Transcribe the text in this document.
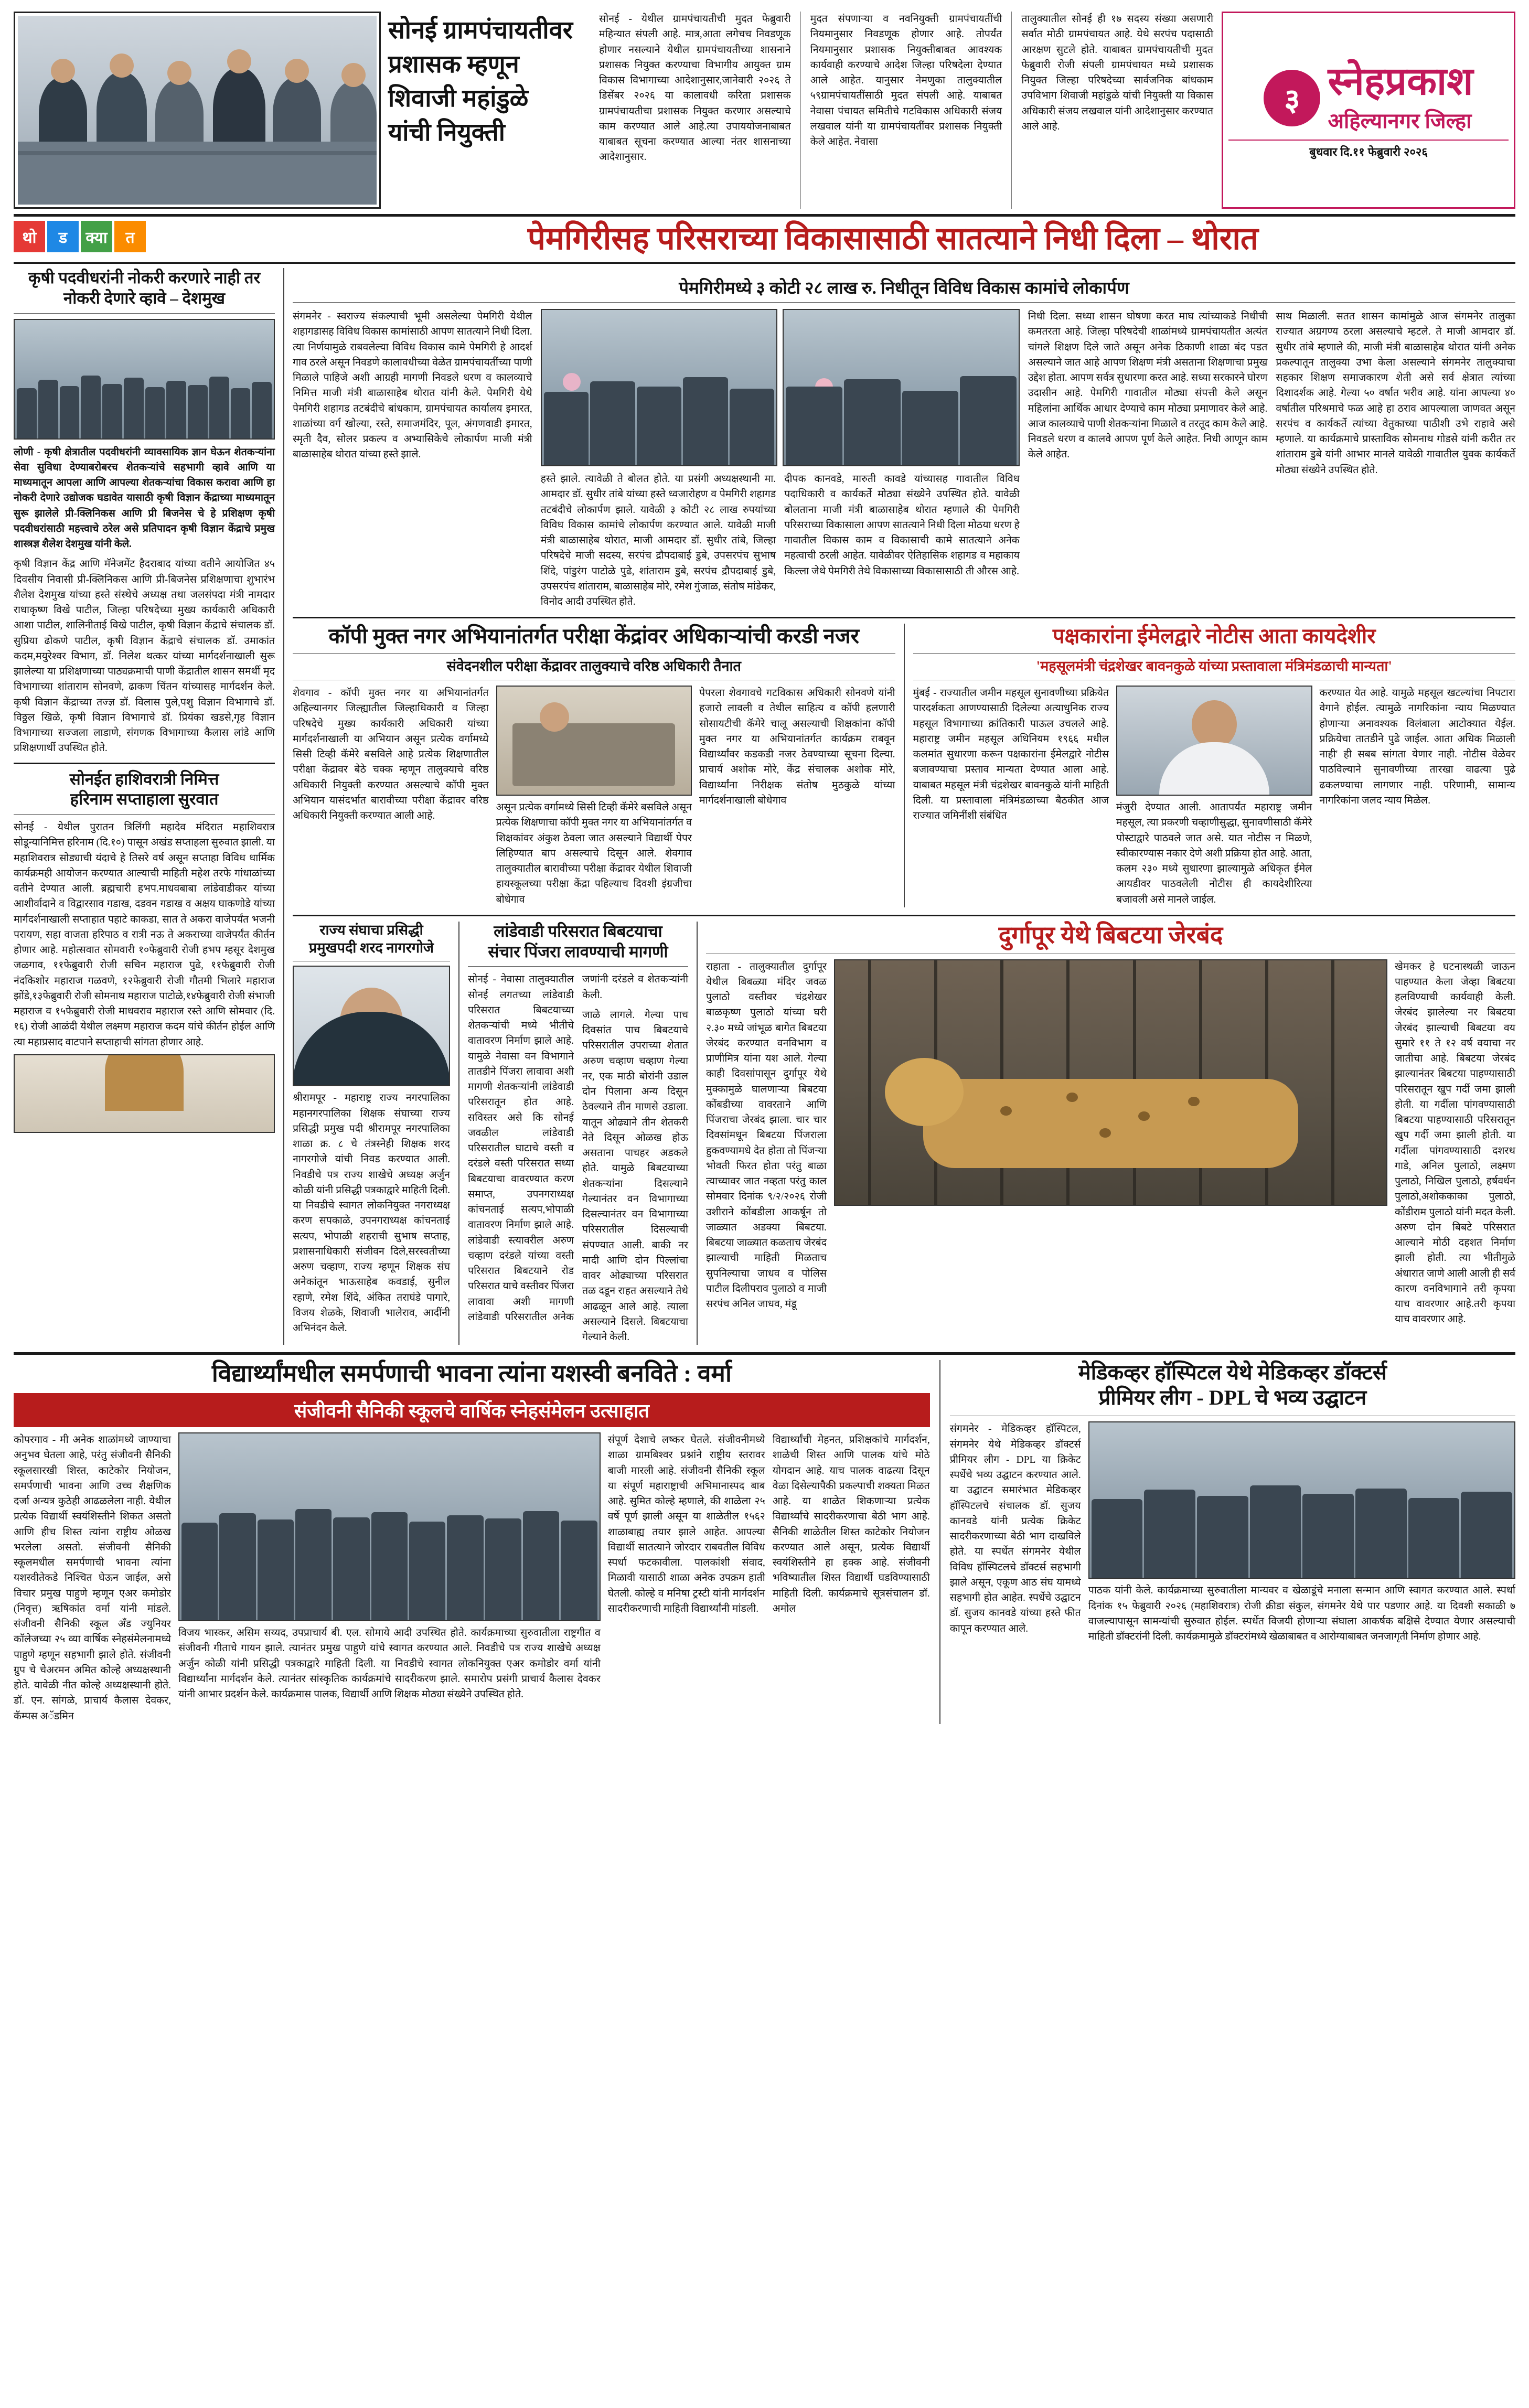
सोनई ग्रामपंचायतीवर प्रशासक म्हणून शिवाजी महांडुळे यांची नियुक्ती
सोनई - येथील ग्रामपंचायतीची मुदत फेब्रुवारी महिन्यात संपली आहे. मात्र,आता लगेचच निवडणूक होणार नसल्याने येथील ग्रामपंचायतीच्या शासनाने प्रशासक नियुक्त करण्याचा विभागीय आयुक्त ग्राम विकास विभागाच्या आदेशानुसार,जानेवारी २०२६ ते डिसेंबर २०२६ या कालावधी करिता प्रशासक ग्रामपंचायतीचा प्रशासक नियुक्त करणार असल्याचे काम करण्यात आले आहे.त्या उपाययोजनाबाबत याबाबत सूचना करण्यात आल्या नंतर शासनाच्या आदेशानुसार.
मुदत संपणाऱ्या व नवनियुक्ती ग्रामपंचायतींची नियमानुसार निवडणूक होणार आहे. तोपर्यंत नियमानुसार प्रशासक नियुक्तीबाबत आवश्यक कार्यवाही करण्याचे आदेश जिल्हा परिषदेला देण्यात आले आहेत. यानुसार नेमणुका तालुक्यातील ५९ग्रामपंचायतींसाठी मुदत संपली आहे. याबाबत नेवासा पंचायत समितीचे गटविकास अधिकारी संजय लखवाल यांनी या ग्रामपंचायतींवर प्रशासक नियुक्ती केले आहेत. नेवासा
तालुक्यातील सोनई ही १७ सदस्य संख्या असणारी सर्वात मोठी ग्रामपंचायत आहे. येथे सरपंच पदासाठी आरक्षण सुटले होते. याबाबत ग्रामपंचायतीची मुदत फेब्रुवारी रोजी संपली ग्रामपंचायत मध्ये प्रशासक नियुक्त जिल्हा परिषदेच्या सार्वजनिक बांधकाम उपविभाग शिवाजी महांडुळे यांची नियुक्ती या विकास अधिकारी संजय लखवाल यांनी आदेशानुसार करण्यात आले आहे.
३ स्नेहप्रकाश
अहिल्यानगर जिल्हा
बुधवार दि.११ फेब्रुवारी २०२६
थो	ड	क्या	त	पेमगिरीसह परिसराच्या विकासासाठी सातत्याने निधी दिला – थोरात
कृषी पदवीधरांनी नोकरी करणारे नाही तर नोकरी देणारे व्हावे – देशमुख

लोणी - कृषी क्षेत्रातील पदवीधरांनी व्यावसायिक ज्ञान घेऊन शेतकऱ्यांना सेवा सुविधा देण्याबरोबरच शेतकऱ्यांचे सहभागी व्हावे आणि या माध्यमातून आपला आणि आपल्या शेतकऱ्यांचा विकास करावा आणि हा नोकरी देणारे उद्योजक घडावेत यासाठी कृषी विज्ञान केंद्राच्या माध्यमातून सुरू झालेले प्री-क्लिनिकस आणि प्री बिजनेस चे हे प्रशिक्षण कृषी पदवीधरांसाठी महत्त्वाचे ठरेल असे प्रतिपादन कृषी विज्ञान केंद्राचे प्रमुख शास्त्रज्ञ शैलेश देशमुख यांनी केले.

कृषी विज्ञान केंद्र आणि मॅनेजमेंट हैदराबाद यांच्या वतीने आयोजित ४५ दिवसीय निवासी प्री-क्लिनिकस आणि प्री-बिजनेस प्रशिक्षणाचा शुभारंभ शैलेश देशमुख यांच्या हस्ते संस्थेचे अध्यक्ष तथा जलसंपदा मंत्री नामदार राधाकृष्ण विखे पाटील, जिल्हा परिषदेच्या मुख्य कार्यकारी अधिकारी आशा पाटील, शालिनीताई विखे पाटील, कृषी विज्ञान केंद्राचे संचालक डॉ. सुप्रिया ढोकणे पाटील, कृषी विज्ञान केंद्राचे संचालक डॉ. उमाकांत कदम,मयुरेश्वर विभाग, डॉ. निलेश थत्कर यांच्या मार्गदर्शनाखाली सुरू झालेल्या या प्रशिक्षणाच्या पाठ्यक्रमाची पाणी केंद्रातील शासन समर्थी मृद विभागाच्या शांताराम सोनवणे, ढाकण चिंतन यांच्यासह मार्गदर्शन केले. कृषी विज्ञान केंद्राच्या तज्ज्ञ डॉ. विलास पुले,पशु विज्ञान विभागाचे डॉ. विठ्ठल खिळे, कृषी विज्ञान विभागाचे डॉ. प्रियंका खडसे,गृह विज्ञान विभागाच्या सज्जला लाडाणे, संगणक विभागाच्या कैलास लांडे आणि प्रशिक्षणार्थी उपस्थित होते.

सोनईत हाशिवरात्री निमित्त
हरिनाम सप्ताहाला सुरवात
सोनई - येथील पुरातन त्रिलिंगी महादेव मंदिरात महाशिवरात्र सोडून्यानिमित्त हरिनाम (दि.१०) पासून अखंड सप्ताहला सुरुवात झाली. या महाशिवरात्र सोड्याची यंदाचे हे तिसरे वर्ष असून सप्ताहा विविध धार्मिक कार्यक्रमही आयोजन करण्यात आल्याची माहिती महेश तरफे गांधाळांच्या वतीने देण्यात आली. ब्रह्मचारी हभप.माधवबाबा लांडेवाडीकर यांच्या आशीर्वादाने व विद्वारसाव गडाख, दडवन गडाख व अक्षय घाकणोडे यांच्या मार्गदर्शनाखाली सप्ताहात पहाटे काकडा, सात ते अकरा वाजेपर्यंत भजनी परायण, सहा वाजता हरिपाठ व रात्री नऊ ते अकराच्या वाजेपर्यंत कीर्तन होणार आहे. महोत्सवात सोमवारी १०फेब्रुवारी रोजी हभप म्हसूर देशमुख जळगाव, ११फेब्रुवारी रोजी सचिन महाराज पुढे, ११फेब्रुवारी रोजी नंदकिशोर महाराज गळवणे, १२फेब्रुवारी रोजी गौतमी भिलारे महाराज झोंडे,१३फेब्रुवारी रोजी सोमनाथ महाराज पाटोळे,१४फेब्रुवारी रोजी संभाजी महाराज व १५फेब्रुवारी रोजी माधवराव महाराज रस्ते आणि सोमवार (दि. १६) रोजी आळंदी येथील लक्ष्मण महाराज कदम यांचे कीर्तन होईल आणि त्या महाप्रसाद वाटपाने सप्ताहाची सांगता होणार आहे.
पेमगिरीमध्ये ३ कोटी २८ लाख रु. निधीतून विविध विकास कामांचे लोकार्पण
संगमनेर - स्वराज्य संकल्पाची भूमी असलेल्या पेमगिरी येथील शहागडासह विविध विकास कामांसाठी आपण सातत्याने निधी दिला. त्या निर्णयामुळे राबवलेल्या विविध विकास कामे पेमगिरी हे आदर्श गाव ठरले असून निवडणे कालावधीच्या वेळेत ग्रामपंचायतींच्या पाणी मिळाले पाहिजे अशी आग्रही मागणी निवडले धरण व कालव्याचे निमित्त माजी मंत्री बाळासाहेब थोरात यांनी केले. पेमगिरी येथे पेमगिरी शहागड तटबंदीचे बांधकाम, ग्रामपंचायत कार्यालय इमारत, शाळांच्या वर्ग खोल्या, रस्ते, समाजमंदिर, पूल, अंगणवाडी इमारत, स्मृती दैव, सोलर प्रकल्प व अभ्यासिकेचे लोकार्पण माजी मंत्री बाळासाहेब थोरात यांच्या हस्ते झाले.

हस्ते झाले. त्यावेळी ते बोलत होते. या प्रसंगी अध्यक्षस्थानी मा. आमदार डॉ. सुधीर तांबे यांच्या हस्ते ध्वजारोहण व पेमगिरी शहागड तटबंदीचे लोकार्पण झाले. यावेळी ३ कोटी २८ लाख रुपयांच्या विविध विकास कामांचे लोकार्पण करण्यात आले. यावेळी माजी मंत्री बाळासाहेब थोरात, माजी आमदार डॉ. सुधीर तांबे, जिल्हा परिषदेचे माजी सदस्य, सरपंच द्रौपदाबाई डुबे, उपसरपंच सुभाष शिंदे, पांडुरंग पाटोळे पुढे, शांताराम डुबे, सरपंच द्रौपदाबाई डुबे, उपसरपंच शांताराम, बाळासाहेब मोरे, रमेश गुंजाळ, संतोष मांडेकर, विनोद आदी उपस्थित होते.

दीपक कानवडे, मारुती कावडे यांच्यासह गावातील विविध पदाधिकारी व कार्यकर्ते मोठ्या संख्येने उपस्थित होते. यावेळी बोलताना माजी मंत्री बाळासाहेब थोरात म्हणाले की पेमगिरी परिसराच्या विकासाला आपण सातत्याने निधी दिला मोठया धरण हे गावातील विकास काम व विकासाची कामे सातत्याने अनेक महत्वाची ठरली आहेत. यावेळीवर ऐतिहासिक शहागड व महाकाय किल्ला जेथे पेमगिरी तेथे विकासाच्या विकासासाठी ती औरस आहे.

निधी दिला. सध्या शासन घोषणा करत माघ त्यांच्याकडे निधीची कमतरता आहे. जिल्हा परिषदेची शाळांमध्ये ग्रामपंचायतीत अत्यंत चांगले शिक्षण दिले जाते असून अनेक ठिकाणी शाळा बंद पडत असल्याने जात आहे आपण शिक्षण मंत्री असताना शिक्षणाचा प्रमुख उद्देश होता. आपण सर्वत्र सुधारणा करत आहे. सध्या सरकारने घोरण उदासीन आहे. पेमगिरी गावातील मोठ्या संपत्ती केले असून महिलांना आर्थिक आधार देण्याचे काम मोठ्या प्रमाणावर केले आहे. आज कालव्याचे पाणी शेतकऱ्यांना मिळाले व तरतूद काम केले आहे. निवडले धरण व कालवे आपण पूर्ण केले आहेत. निधी आणून काम केले आहेत.
साथ मिळाली. सतत शासन कामांमुळे आज संगमनेर तालुका राज्यात अग्रगण्य ठरला असल्याचे म्हटले. ते माजी आमदार डॉ. सुधीर तांबे म्हणाले की, माजी मंत्री बाळासाहेब थोरात यांनी अनेक प्रकल्पातून तालुक्या उभा केला असल्याने संगमनेर तालुक्याचा सहकार शिक्षण समाजकारण शेती असे सर्व क्षेत्रात त्यांच्या दिशादर्शक आहे. गेल्या ५० वर्षात भरीव आहे. यांना आपल्या ४० वर्षातील परिश्रमाचे फळ आहे हा ठराव आपल्याला जाणवत असून सरपंच व कार्यकर्ते त्यांच्या वेतुकाच्या पाठीशी उभे राहावे असे म्हणाले. या कार्यक्रमाचे प्रास्ताविक सोमनाथ गोडसे यांनी करीत तर शांताराम डुबे यांनी आभार मानले यावेळी गावातील युवक कार्यकर्ते मोठ्या संख्येने उपस्थित होते.
कॉपी मुक्त नगर अभियानांतर्गत परीक्षा केंद्रांवर अधिकाऱ्यांची करडी नजर
संवेदनशील परीक्षा केंद्रावर तालुक्याचे वरिष्ठ अधिकारी तैनात
शेवगाव - कॉपी मुक्त नगर या अभियानांतर्गत अहिल्यानगर जिल्ह्यातील जिल्हाधिकारी व जिल्हा परिषदेचे मुख्य कार्यकारी अधिकारी यांच्या मार्गदर्शनाखाली या अभियान असून प्रत्येक वर्गामध्ये सिसी टिव्ही कॅमेरे बसविले आहे प्रत्येक शिक्षणातील परीक्षा केंद्रावर बेठे चक्क म्हणून तालुक्याचे वरिष्ठ अधिकारी नियुक्ती करण्यात असल्याचे कॉपी मुक्त अभियान यासंदर्भात बारावीच्या परीक्षा केंद्रावर वरिष्ठ अधिकारी नियुक्ती करण्यात आली आहे.
असून प्रत्येक वर्गामध्ये सिसी टिव्ही कॅमेरे बसविले असून प्रत्येक शिक्षणाचा कॉपी मुक्त नगर या अभियानांतर्गत व शिक्षकांवर अंकुश ठेवला जात असल्याने विद्यार्थी पेपर लिहिण्यात बाप असल्याचे दिसून आले. शेवगाव तालुक्यातील बारावीच्या परीक्षा केंद्रावर येथील शिवाजी हायस्कूलच्या परीक्षा केंद्रा पहिल्याच दिवशी इंग्रजीचा बोधेगाव
पेपरला शेवगावचे गटविकास अधिकारी सोनवणे यांनी हजारो लावली व तेथील साहित्य व कॉपी हलणारी सोसायटीची कॅमेरे चालू असल्याची शिक्षकांना कॉपी मुक्त नगर या अभियानांतर्गत कार्यक्रम राबवून विद्यार्थ्यांवर कडकडी नजर ठेवण्याच्या सूचना दिल्या. प्राचार्य अशोक मोरे, केंद्र संचालक अशोक मोरे, विद्यार्थ्यांना निरीक्षक संतोष मुठकुळे यांच्या मार्गदर्शनाखाली बोधेगाव
पक्षकारांना ईमेलद्वारे नोटीस आता कायदेशीर
'महसूलमंत्री चंद्रशेखर बावनकुळे यांच्या प्रस्तावाला मंत्रिमंडळाची मान्यता'
मुंबई - राज्यातील जमीन महसूल सुनावणीच्या प्रक्रियेत पारदर्शकता आणण्यासाठी दिलेल्या अत्याधुनिक राज्य महसूल विभागाच्या क्रांतिकारी पाऊल उचलले आहे. महाराष्ट्र जमीन महसूल अधिनियम १९६६ मधील कलमांत सुधारणा करून पक्षकारांना ईमेलद्वारे नोटीस बजावण्याचा प्रस्ताव मान्यता देण्यात आला आहे. याबाबत महसूल मंत्री चंद्रशेखर बावनकुळे यांनी माहिती दिली. या प्रस्तावाला मंत्रिमंडळाच्या बैठकीत आज राज्यात जमिनींशी संबंधित
मंजुरी देण्यात आली. आतापर्यंत महाराष्ट्र जमीन महसूल, त्या प्रकरणी चव्हाणीसुद्धा, सुनावणीसाठी कॅमेरे पोस्टाद्वारे पाठवले जात असे. यात नोटीस न मिळणे, स्वीकारण्यास नकार देणे अशी प्रक्रिया होत आहे. आता, कलम २३० मध्ये सुधारणा झाल्यामुळे अधिकृत ईमेल आयडीवर पाठवलेली नोटीस ही कायदेशीरित्या बजावली असे मानले जाईल.
करण्यात येत आहे. यामुळे महसूल खटल्यांचा निपटारा वेगाने होईल. त्यामुळे नागरिकांना न्याय मिळण्यात होणाऱ्या अनावश्यक विलंबाला आटोक्यात येईल. प्रक्रियेचा तातडीने पुढे जाईल. आता अधिक मिळाली नाही' ही सबब सांगता येणार नाही. नोटीस वेळेवर पाठविल्याने सुनावणीच्या तारखा वाढत्या पुढे ढकलण्याचा लागणार नाही. परिणामी, सामान्य नागरिकांना जलद न्याय मिळेल.
राज्य संघाचा प्रसिद्धी
प्रमुखपदी शरद नागरगोजे
श्रीरामपूर - महाराष्ट्र राज्य नगरपालिका महानगरपालिका शिक्षक संघाच्या राज्य प्रसिद्धी प्रमुख पदी श्रीरामपूर नगरपालिका शाळा क्र. ८ चे तंत्रस्नेही शिक्षक शरद नागरगोजे यांची निवड करण्यात आली. निवडीचे पत्र राज्य शाखेचे अध्यक्ष अर्जुन कोळी यांनी प्रसिद्धी पत्रकाद्वारे माहिती दिली. या निवडीचे स्वागत लोकनियुक्त नगराध्यक्ष करण सपकाळे, उपनगराध्यक्ष कांचनताई सत्यप, भोपाळी शहराची सुभाष सप्ताह, प्रशासनाधिकारी संजीवन दिले,सरस्वतीच्या अरुण चव्हाण, राज्य म्हणून शिक्षक संघ अनेकांतून भाऊसाहेब कवडाई, सुनील रहाणे, रमेश शिंदे, अंकित तराघंडे पागारे, विजय शेळके, शिवाजी भालेराव, आदींनी अभिनंदन केले.
लांडेवाडी परिसरात बिबटयाचा
संचार पिंजरा लावण्याची मागणी

सोनई - नेवासा तालुक्यातील सोनई लगतच्या लांडेवाडी परिसरात बिबटयाच्या शेतकऱ्यांची मध्ये भीतीचे वातावरण निर्माण झाले आहे. यामुळे नेवासा वन विभागाने तातडीने पिंजरा लावावा अशी मागणी शेतकऱ्यांनी लांडेवाडी परिसरातून होत आहे. सविस्तर असे कि सोनई जवळील लांडेवाडी परिसरातील घाटाचे वस्ती व दरंडले वस्ती परिसरात सध्या बिबटयाचा वावरण्यात करण समाप्त, उपनगराध्यक्ष कांचनताई सत्यप,भोपाळी वातावरण निर्माण झाले आहे. लांडेवाडी स्त्यावरील अरुण चव्हाण दरंडले यांच्या वस्ती परिसरात बिबटयाने रोड परिसरात याचे वस्तीवर पिंजरा लावावा अशी मागणी लांडेवाडी परिसरातील अनेक जणांनी दरंडले व शेतकऱ्यांनी केली.

जाळे लागले. गेल्या पाच दिवसांत पाच बिबटयाचे परिसरातील उपराच्या शेतात अरुण चव्हाण चव्हाण गेल्या नर, एक माठी बोरांनी उडाल दोन पिलाना अन्य दिसून ठेवल्याने तीन माणसे उडाला. यातून ओढ्याने तीन शेतकरी नेते दिसून ओळख होऊ असताना पाचहर अडकले होते. यामुळे बिबटयाच्या शेतकऱ्यांना दिसल्याने गेल्यानंतर वन विभागाच्या दिसल्यानंतर वन विभागाच्या परिसरातील दिसल्याची संपण्यात आली. बाकी नर मादी आणि दोन पिल्लांचा वावर ओढ्याच्या परिसरात तळ दडून राहत असल्याने तेथे आढळून आले आहे. त्याला असल्याने दिसले. बिबटयाचा गेल्याने केली.

दुर्गापूर येथे बिबटया जेरबंद
राहाता - तालुक्यातील दुर्गापूर येथील बिबळ्या मंदिर जवळ पुलाठो वस्तीवर चंद्रशेखर बाळकृष्ण पुलाठो यांच्या घरी २.३० मध्ये जांभूळ बागेत बिबटया जेरबंद करण्यात वनविभाग व प्राणीमित्र यांना यश आले. गेल्या काही दिवसांपासून दुर्गापूर येथे मुक्कामुळे घालणाऱ्या बिबटया कोंबडीच्या वावरताने आणि पिंजराचा जेरबंद झाला. चार चार दिवसांमधून बिबटया पिंजराला हुकवण्यामधे देत होता तो पिंजऱ्या भोवती फिरत होता परंतु बाळा त्याच्यावर जात नव्हता परंतु काल सोमवार दिनांक ९/२/२०२६ रोजी उशीराने कोंबडीला आकर्षून तो जाळ्यात अडक्या बिबटया. बिबटया जाळ्यात कळताच जेरबंद झाल्याची माहिती मिळताच सुपनिल्याचा जाधव व पोलिस पाटील दिलीपराव पुलाठो व माजी सरपंच अनिल जाधव, मंडू
खेमकर हे घटनास्थळी जाऊन पाहण्यात केला जेव्हा बिबटया हलविण्याची कार्यवाही केली. जेरबंद झालेल्या नर बिबटया जेरबंद झाल्याची बिबटया वय सुमारे ११ ते १२ वर्ष वयाचा नर जातीचा आहे. बिबटया जेरबंद झाल्यानंतर बिबटया पाहण्यासाठी परिसरातून खुप गर्दी जमा झाली होती. या गर्दीला पांगवण्यासाठी बिबटया पाहण्यासाठी परिसरातून खुप गर्दी जमा झाली होती. या गर्दीला पांगवण्यासाठी दशरथ गाडे, अनिल पुलाठो, लक्ष्मण पुलाठो, निखिल पुलाठो, हर्षवर्धन पुलाठो,अशोककाका पुलाठो, कोंडीराम पुलाठो यांनी मदत केली. अरुण दोन बिबटे परिसरात आल्याने मोठी दहशत निर्माण झाली होती. त्या भीतीमुळे अंधारात जाणे आली आली ही सर्व कारण वनविभागाने तरी कृपया याच वावरणार आहे.तरी कृपया याच वावरणार आहे.
विद्यार्थ्यांमधील समर्पणाची भावना त्यांना यशस्वी बनविते : वर्मा
संजीवनी सैनिकी स्कूलचे वार्षिक स्नेहसंमेलन उत्साहात
कोपरगाव - मी अनेक शाळांमध्ये जाण्याचा अनुभव घेतला आहे, परंतु संजीवनी सैनिकी स्कूलसारखी शिस्त, काटेकोर नियोजन, समर्पणाची भावना आणि उच्च शैक्षणिक दर्जा अन्यत्र कुठेही आढळलेला नाही. येथील प्रत्येक विद्यार्थी स्वयंशिस्तीने शिकत असतो आणि हीच शिस्त त्यांना राष्ट्रीय ओळख भरलेला असतो. संजीवनी सैनिकी स्कूलमधील समर्पणाची भावना त्यांना यशस्वीतेकडे निश्चित घेऊन जाईल, असे विचार प्रमुख पाहुणे म्हणून एअर कमोडोर (निवृत्त) ऋषिकांत वर्मा यांनी मांडले. संजीवनी सैनिकी स्कूल अँड ज्युनियर कॉलेजच्या २५ व्या वार्षिक स्नेहसंमेलनामध्ये पाहुणे म्हणून सहभागी झाले होते. संजीवनी ग्रुप चे चेअरमन अमित कोल्हे अध्यक्षस्थानी होते. यावेळी नीत कोल्हे अध्यक्षस्थानी होते. डॉ. एन. सांगळे, प्राचार्य कैलास देवकर, कॅम्पस अॅडमिन
विजय भास्कर, असिम सय्यद, उपप्राचार्य बी. एल. सोमाये आदी उपस्थित होते. कार्यक्रमाच्या सुरुवातीला राष्ट्रगीत व संजीवनी गीताचे गायन झाले. त्यानंतर प्रमुख पाहुणे यांचे स्वागत करण्यात आले. निवडीचे पत्र राज्य शाखेचे अध्यक्ष अर्जुन कोळी यांनी प्रसिद्धी पत्रकाद्वारे माहिती दिली. या निवडीचे स्वागत लोकनियुक्त एअर कमोडोर वर्मा यांनी विद्यार्थ्यांना मार्गदर्शन केले. त्यानंतर सांस्कृतिक कार्यक्रमांचे सादरीकरण झाले. समारोप प्रसंगी प्राचार्य कैलास देवकर यांनी आभार प्रदर्शन केले. कार्यक्रमास पालक, विद्यार्थी आणि शिक्षक मोठ्या संख्येने उपस्थित होते.
संपूर्ण देशाचे लष्कर घेतले. संजीवनीमध्ये शाळा ग्रामबिश्वर प्रश्नांने राष्ट्रीय स्तरावर बाजी मारली आहे. संजीवनी सैनिकी स्कूल या संपूर्ण महाराष्ट्राची अभिमानास्पद बाब आहे. सुमित कोल्हे म्हणाले, की शाळेला २५ वर्षे पूर्ण झाली असून या शाळेतील १५६२ शाळाबाह्य तयार झाले आहेत. आपल्या विद्यार्थी सातत्याने जोरदार राबवतील विविध स्पर्धा फटकावीला. पालकांशी संवाद, मिळावी यासाठी शाळा अनेक उपक्रम हाती घेतली. कोल्हे व मनिषा ट्रस्टी यांनी मार्गदर्शन सादरीकरणाची माहिती विद्यार्थ्यांनी मांडली.
विद्यार्थ्यांची मेहनत, प्रशिक्षकांचे मार्गदर्शन, शाळेची शिस्त आणि पालक यांचे मोठे योगदान आहे. याच पालक वाढत्या दिसून वेळा दिसेल्यापैकी प्रकल्पाची शक्यता मिळत आहे. या शाळेत शिकणाऱ्या प्रत्येक विद्यार्थ्यांचे सादरीकरणाचा बेठी भाग आहे. सैनिकी शाळेतील शिस्त काटेकोर नियोजन करण्यात आले असून, प्रत्येक विद्यार्थी स्वयंशिस्तीने हा हक्क आहे. संजीवनी भविष्यातील शिस्त विद्यार्थी घडविण्यासाठी माहिती दिली. कार्यक्रमाचे सूत्रसंचालन डॉ. अमोल
मेडिकव्हर हॉस्पिटल येथे मेडिकव्हर डॉक्टर्स
प्रीमियर लीग - DPL चे भव्य उद्घाटन
संगमनेर - मेडिकव्हर हॉस्पिटल, संगमनेर येथे मेडिकव्हर डॉक्टर्स प्रीमियर लीग - DPL या क्रिकेट स्पर्धेचे भव्य उद्घाटन करण्यात आले. या उद्घाटन समारंभात मेडिकव्हर हॉस्पिटलचे संचालक डॉ. सुजय कानवडे यांनी प्रत्येक क्रिकेट सादरीकरणाच्या बेठी भाग दाखविले होते. या स्पर्धेत संगमनेर येथील विविध हॉस्पिटलचे डॉक्टर्स सहभागी झाले असून, एकूण आठ संघ यामध्ये सहभागी होत आहेत. स्पर्धेचे उद्घाटन डॉ. सुजय कानवडे यांच्या हस्ते फीत कापून करण्यात आले.
पाठक यांनी केले. कार्यक्रमाच्या सुरुवातीला मान्यवर व खेळाडूंचे मनाला सन्मान आणि स्वागत करण्यात आले. स्पर्धा दिनांक १५ फेब्रुवारी २०२६ (महाशिवरात्र) रोजी क्रीडा संकुल, संगमनेर येथे पार पडणार आहे. या दिवशी सकाळी ७ वाजल्यापासून सामन्यांची सुरुवात होईल. स्पर्धेत विजयी होणाऱ्या संघाला आकर्षक बक्षिसे देण्यात येणार असल्याची माहिती डॉक्टरांनी दिली. कार्यक्रमामुळे डॉक्टरांमध्ये खेळाबाबत व आरोग्याबाबत जनजागृती निर्माण होणार आहे.
